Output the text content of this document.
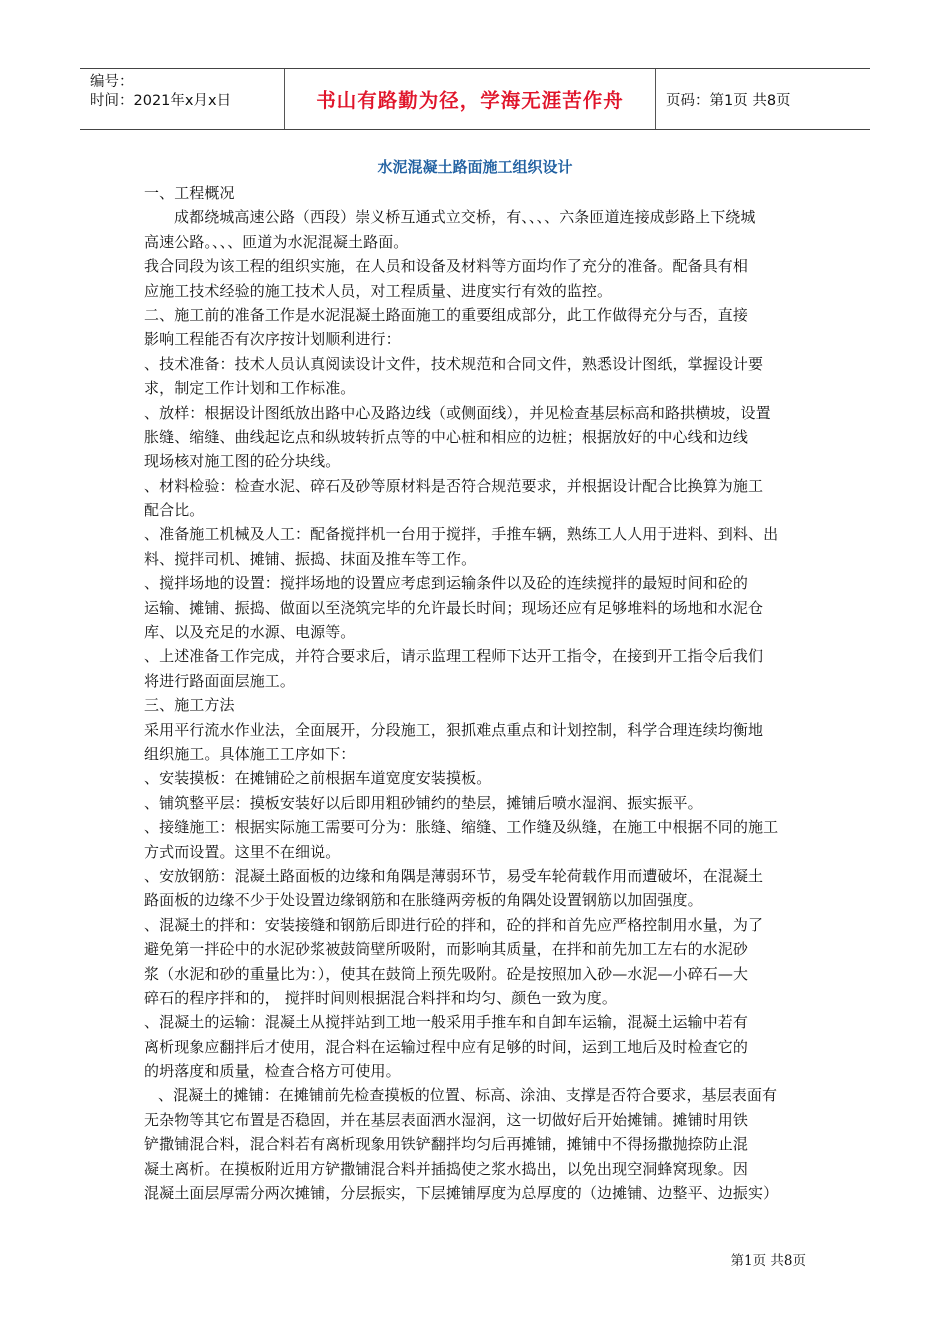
编号：
时间：2021年x月x日	书山有路勤为径，学海无涯苦作舟	页码：第1页 共8页
水泥混凝土路面施工组织设计
一、工程概况
成都绕城高速公路（西段）崇义桥互通式立交桥，有、、、、六条匝道连接成彭路上下绕城
高速公路。、、、匝道为水泥混凝土路面。
我合同段为该工程的组织实施，在人员和设备及材料等方面均作了充分的准备。配备具有相
应施工技术经验的施工技术人员，对工程质量、进度实行有效的监控。
二、施工前的准备工作是水泥混凝土路面施工的重要组成部分，此工作做得充分与否，直接
影响工程能否有次序按计划顺利进行：
、技术准备：技术人员认真阅读设计文件，技术规范和合同文件，熟悉设计图纸，掌握设计要
求，制定工作计划和工作标准。
、放样：根据设计图纸放出路中心及路边线（或侧面线），并见检查基层标高和路拱横坡，设置
胀缝、缩缝、曲线起讫点和纵坡转折点等的中心桩和相应的边桩；根据放好的中心线和边线
现场核对施工图的砼分块线。
、材料检验：检查水泥、碎石及砂等原材料是否符合规范要求，并根据设计配合比换算为施工
配合比。
、准备施工机械及人工：配备搅拌机一台用于搅拌，手推车辆，熟练工人人用于进料、到料、出
料、搅拌司机、摊铺、振捣、抹面及推车等工作。
、搅拌场地的设置：搅拌场地的设置应考虑到运输条件以及砼的连续搅拌的最短时间和砼的
运输、摊铺、振捣、做面以至浇筑完毕的允许最长时间；现场还应有足够堆料的场地和水泥仓
库、以及充足的水源、电源等。
、上述准备工作完成，并符合要求后，请示监理工程师下达开工指令，在接到开工指令后我们
将进行路面面层施工。
三、施工方法
采用平行流水作业法，全面展开，分段施工，狠抓难点重点和计划控制，科学合理连续均衡地
组织施工。具体施工工序如下：
、安装摸板：在摊铺砼之前根据车道宽度安装摸板。
、铺筑整平层：摸板安装好以后即用粗砂铺约的垫层，摊铺后喷水湿润、振实振平。
、接缝施工：根据实际施工需要可分为：胀缝、缩缝、工作缝及纵缝，在施工中根据不同的施工
方式而设置。这里不在细说。
、安放钢筋：混凝土路面板的边缘和角隅是薄弱环节，易受车轮荷载作用而遭破坏，在混凝土
路面板的边缘不少于处设置边缘钢筋和在胀缝两旁板的角隅处设置钢筋以加固强度。
、混凝土的拌和：安装接缝和钢筋后即进行砼的拌和，砼的拌和首先应严格控制用水量，为了
避免第一拌砼中的水泥砂浆被鼓筒壁所吸附，而影响其质量，在拌和前先加工左右的水泥砂
浆（水泥和砂的重量比为：），使其在鼓筒上预先吸附。砼是按照加入砂—水泥—小碎石—大
碎石的程序拌和的， 搅拌时间则根据混合料拌和均匀、颜色一致为度。
、混凝土的运输：混凝土从搅拌站到工地一般采用手推车和自卸车运输，混凝土运输中若有
离析现象应翻拌后才使用，混合料在运输过程中应有足够的时间，运到工地后及时检查它的
的坍落度和质量，检查合格方可使用。
、混凝土的摊铺：在摊铺前先检查摸板的位置、标高、涂油、支撑是否符合要求，基层表面有
无杂物等其它布置是否稳固，并在基层表面洒水湿润，这一切做好后开始摊铺。摊铺时用铁
铲撒铺混合料，混合料若有离析现象用铁铲翻拌均匀后再摊铺，摊铺中不得扬撒抛捺防止混
凝土离析。在摸板附近用方铲撒铺混合料并插捣使之浆水捣出，以免出现空洞蜂窝现象。因
混凝土面层厚需分两次摊铺，分层振实，下层摊铺厚度为总厚度的（边摊铺、边整平、边振实）
第1页 共8页
